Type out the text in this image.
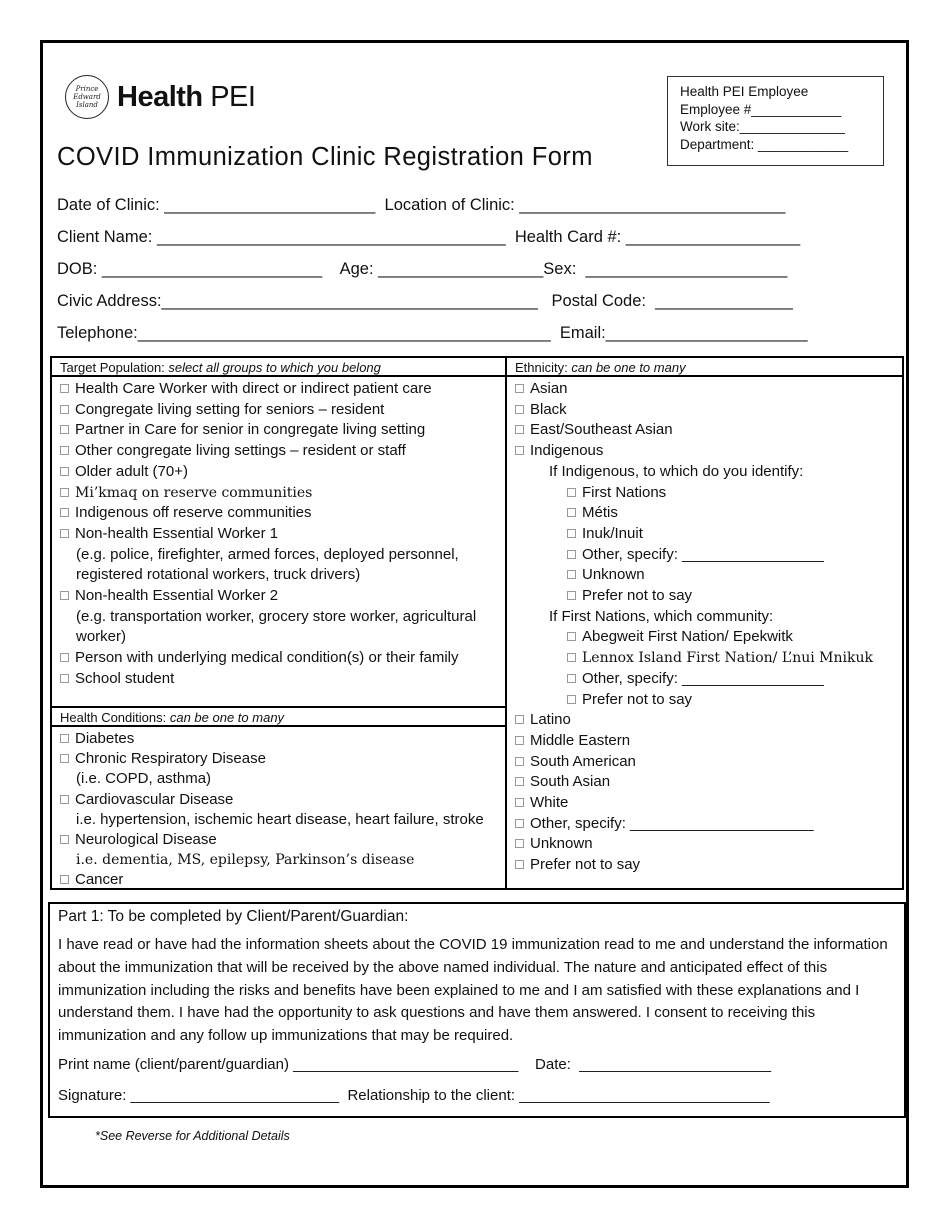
Prince Edward Island Health PEI	Health PEI Employee
Employee #____________
Work site:______________
Department: ____________
COVID Immunization Clinic Registration Form
Date of Clinic: _______________________  Location of Clinic: _____________________________
Client Name: ______________________________________  Health Card #: ___________________
DOB: ________________________    Age: __________________Sex:  ______________________
Civic Address:_________________________________________   Postal Code:  _______________
Telephone:_____________________________________________  Email:______________________
Target Population: select all groups to which you belong
Health Care Worker with direct or indirect patient care
Congregate living setting for seniors – resident
Partner in Care for senior in congregate living setting
Other congregate living settings – resident or staff
Older adult (70+)
Mi’kmaq on reserve communities
Indigenous off reserve communities
Non-health Essential Worker 1
(e.g. police, firefighter, armed forces, deployed personnel,
registered rotational workers, truck drivers)
Non-health Essential Worker 2
(e.g. transportation worker, grocery store worker, agricultural
worker)
Person with underlying medical condition(s) or their family
School student
Health Conditions: can be one to many
Diabetes
Chronic Respiratory Disease
(i.e. COPD, asthma)
Cardiovascular Disease
i.e. hypertension, ischemic heart disease, heart failure, stroke
Neurological Disease
i.e. dementia, MS, epilepsy, Parkinson’s disease
Cancer
Ethnicity: can be one to many
Asian
Black
East/Southeast Asian
Indigenous
If Indigenous, to which do you identify:
First Nations
Métis
Inuk/Inuit
Other, specify: _________________
Unknown
Prefer not to say
If First Nations, which community:
Abegweit First Nation/ Epekwitk
Lennox Island First Nation/ L’nui Mnikuk
Other, specify: _________________
Prefer not to say
Latino
Middle Eastern
South American
South Asian
White
Other, specify: ______________________
Unknown
Prefer not to say
Part 1: To be completed by Client/Parent/Guardian:
I have read or have had the information sheets about the COVID 19 immunization read to me and understand the information about the immunization that will be received by the above named individual. The nature and anticipated effect of this immunization including the risks and benefits have been explained to me and I am satisfied with these explanations and I understand them. I have had the opportunity to ask questions and have them answered. I consent to receiving this immunization and any follow up immunizations that may be required.
Print name (client/parent/guardian) ___________________________    Date:  _______________________
Signature: _________________________  Relationship to the client: ______________________________
*See Reverse for Additional Details
